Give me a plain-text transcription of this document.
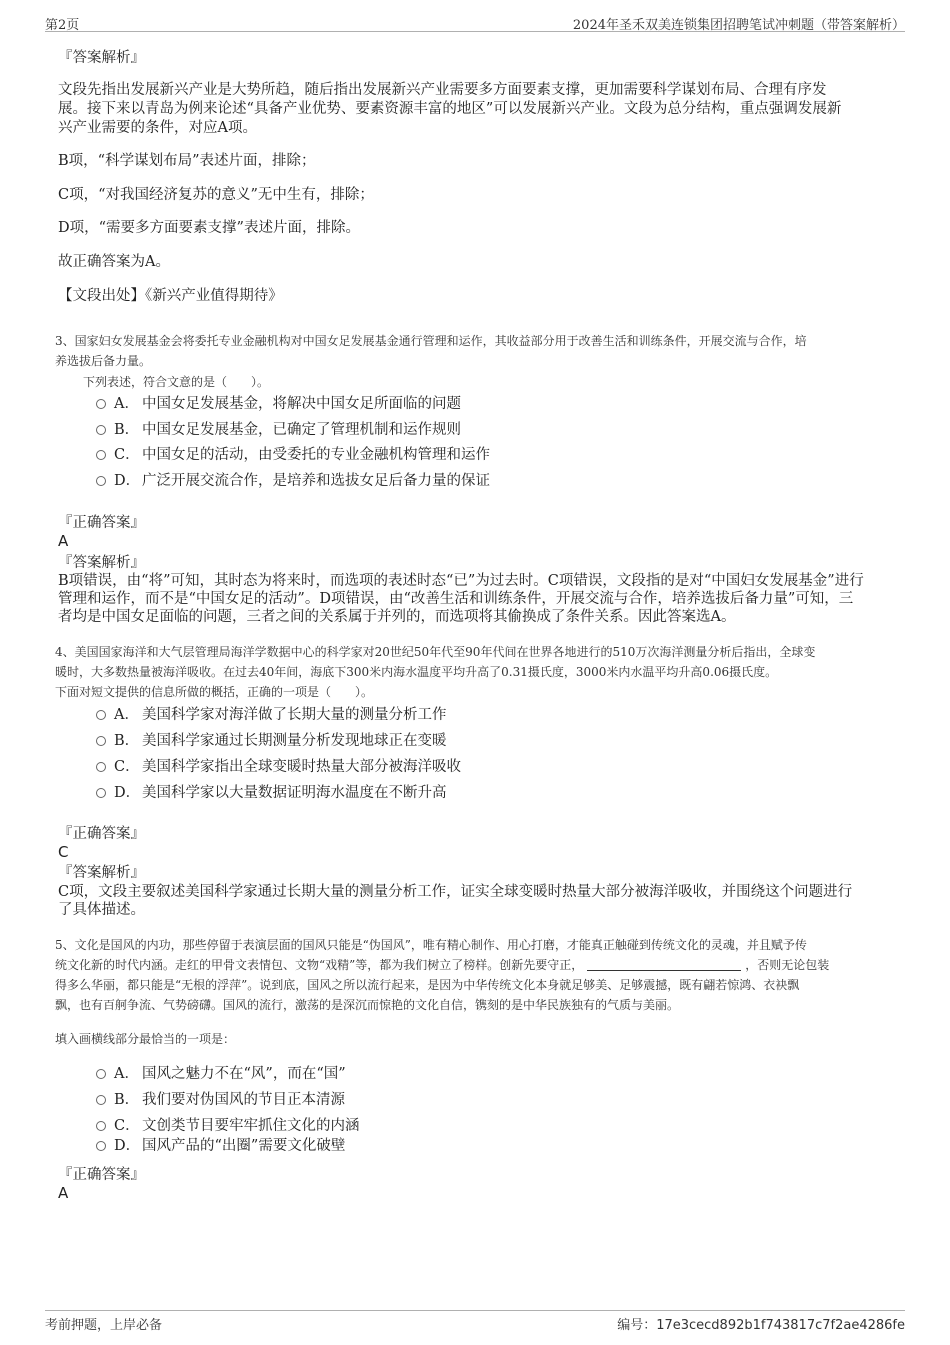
第2页	2024年圣禾双美连锁集团招聘笔试冲刺题（带答案解析）
『答案解析』
文段先指出发展新兴产业是大势所趋，随后指出发展新兴产业需要多方面要素支撑，更加需要科学谋划布局、合理有序发
展。接下来以青岛为例来论述“具备产业优势、要素资源丰富的地区”可以发展新兴产业。文段为总分结构，重点强调发展新
兴产业需要的条件，对应A项。
B项，“科学谋划布局”表述片面，排除；
C项，“对我国经济复苏的意义”无中生有，排除；
D项，“需要多方面要素支撑”表述片面，排除。
故正确答案为A。
【文段出处】《新兴产业值得期待》
3、国家妇女发展基金会将委托专业金融机构对中国女足发展基金通行管理和运作，其收益部分用于改善生活和训练条件，开展交流与合作，培
养选拔后备力量。
下列表述，符合文意的是（　　）。
A． 中国女足发展基金，将解决中国女足所面临的问题
B． 中国女足发展基金，已确定了管理机制和运作规则
C． 中国女足的活动，由受委托的专业金融机构管理和运作
D． 广泛开展交流合作，是培养和选拔女足后备力量的保证
『正确答案』
A
『答案解析』
B项错误，由“将”可知，其时态为将来时，而选项的表述时态“已”为过去时。C项错误，文段指的是对“中国妇女发展基金”进行
管理和运作，而不是“中国女足的活动”。D项错误，由“改善生活和训练条件，开展交流与合作，培养选拔后备力量”可知，三
者均是中国女足面临的问题，三者之间的关系属于并列的，而选项将其偷换成了条件关系。因此答案选A。
4、美国国家海洋和大气层管理局海洋学数据中心的科学家对20世纪50年代至90年代间在世界各地进行的510万次海洋测量分析后指出，全球变
暖时，大多数热量被海洋吸收。在过去40年间，海底下300米内海水温度平均升高了0.31摄氏度，3000米内水温平均升高0.06摄氏度。
下面对短文提供的信息所做的概括，正确的一项是（　　）。
A． 美国科学家对海洋做了长期大量的测量分析工作
B． 美国科学家通过长期测量分析发现地球正在变暖
C． 美国科学家指出全球变暖时热量大部分被海洋吸收
D． 美国科学家以大量数据证明海水温度在不断升高
『正确答案』
C
『答案解析』
C项，文段主要叙述美国科学家通过长期大量的测量分析工作，证实全球变暖时热量大部分被海洋吸收，并围绕这个问题进行
了具体描述。
5、文化是国风的内功，那些停留于表演层面的国风只能是“伪国风”，唯有精心制作、用心打磨，才能真正触碰到传统文化的灵魂，并且赋予传
统文化新的时代内涵。走红的甲骨文表情包、文物“戏精”等，都为我们树立了榜样。创新先要守正，	，否则无论包装
得多么华丽，都只能是“无根的浮萍”。说到底，国风之所以流行起来，是因为中华传统文化本身就足够美、足够震撼，既有翩若惊鸿、衣袂飘
飘，也有百舸争流、气势磅礴。国风的流行，激荡的是深沉而惊艳的文化自信，镌刻的是中华民族独有的气质与美丽。
填入画横线部分最恰当的一项是：
A． 国风之魅力不在“风”，而在“国”
B． 我们要对伪国风的节目正本清源
C． 文创类节目要牢牢抓住文化的内涵
D． 国风产品的“出圈”需要文化破壁
『正确答案』
A
考前押题，上岸必备	编号：17e3cecd892b1f743817c7f2ae4286fe
